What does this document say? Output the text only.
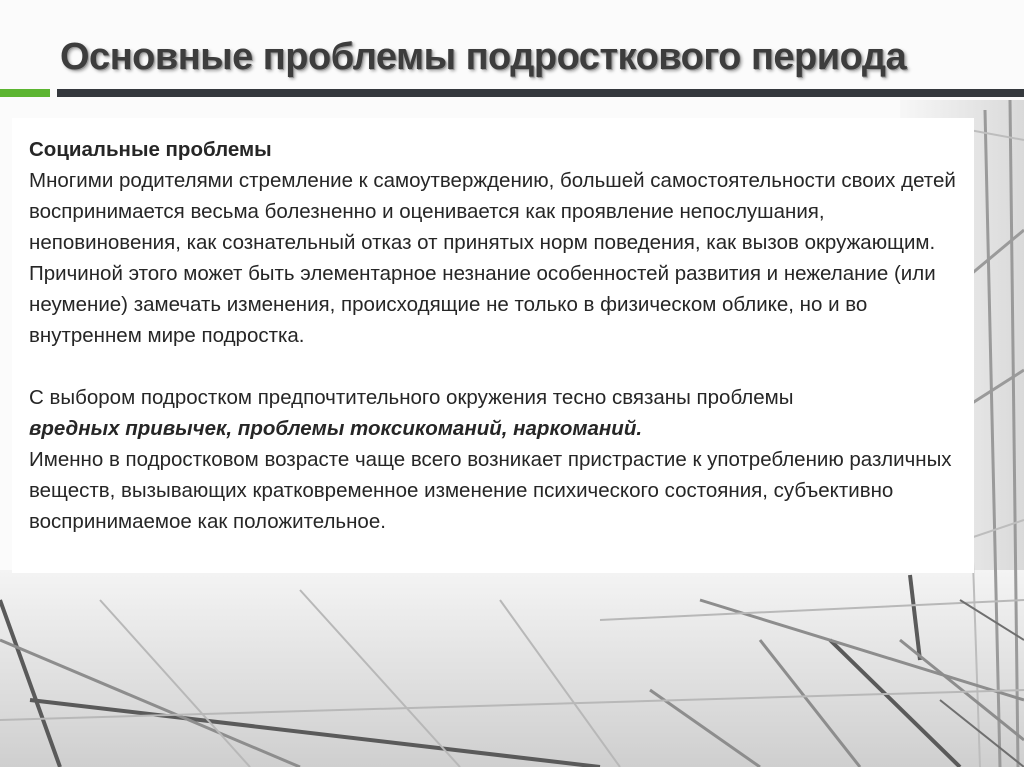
Основные проблемы подросткового периода

Социальные проблемы

Многими родителями стремление к самоутверждению, большей самостоятельности своих детей воспринимается весьма болезненно и оценивается как проявление непослушания, неповиновения, как сознательный отказ от принятых норм поведения, как вызов окружающим. Причиной этого может быть элементарное незнание особенностей развития и нежелание (или неумение) замечать изменения, происходящие не только в физическом облике, но и во внутреннем мире подростка.

С выбором подростком предпочтительного окружения тесно связаны проблемы

вредных привычек, проблемы токсикоманий, наркоманий.

Именно в подростковом возрасте чаще всего возникает пристрастие к употреблению различных веществ, вызывающих кратковременное изменение психического состояния, субъективно воспринимаемое как положительное.
